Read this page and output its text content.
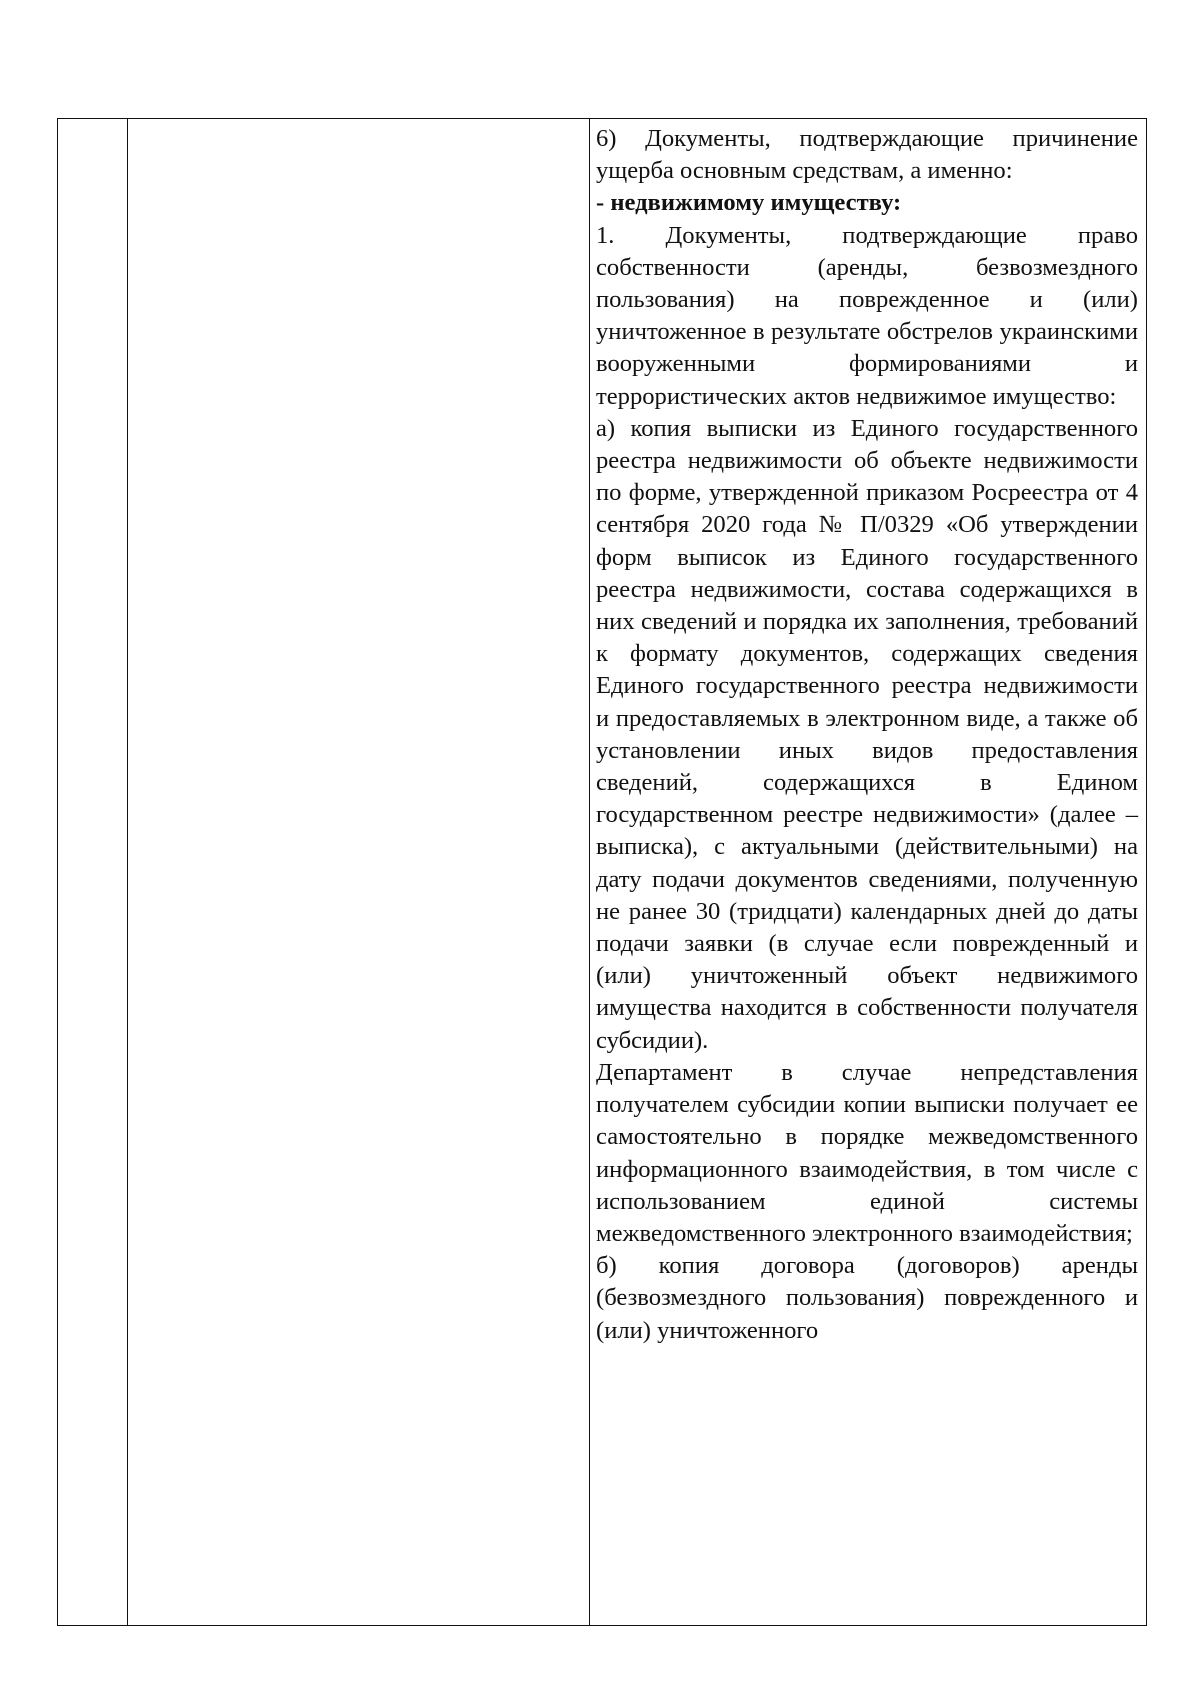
6) Документы, подтверждающие причинение ущерба основным средствам, а именно:

- недвижимому имуществу:

1. Документы, подтверждающие право собственности (аренды, безвозмездного пользования) на поврежденное и (или) уничтоженное в результате обстрелов украинскими вооруженными формированиями и террористических актов недвижимое имущество:

а) копия выписки из Единого государственного реестра недвижимости об объекте недвижимости по форме, утвержденной приказом Росреестра от 4 сентября 2020 года № П/0329 «Об утверждении форм выписок из Единого государственного реестра недвижимости, состава содержащихся в них сведений и порядка их заполнения, требований к формату документов, содержащих сведения Единого государственного реестра недвижимости и предоставляемых в электронном виде, а также об установлении иных видов предоставления сведений, содержащихся в Едином государственном реестре недвижимости» (далее – выписка), с актуальными (действительными) на дату подачи документов сведениями, полученную не ранее 30 (тридцати) календарных дней до даты подачи заявки (в случае если поврежденный и (или) уничтоженный объект недвижимого имущества находится в собственности получателя субсидии).

Департамент в случае непредставления получателем субсидии копии выписки получает ее самостоятельно в порядке межведомственного информационного взаимодействия, в том числе с использованием единой системы межведомственного электронного взаимодействия;

б) копия договора (договоров) аренды (безвозмездного пользования) поврежденного и (или) уничтоженного
